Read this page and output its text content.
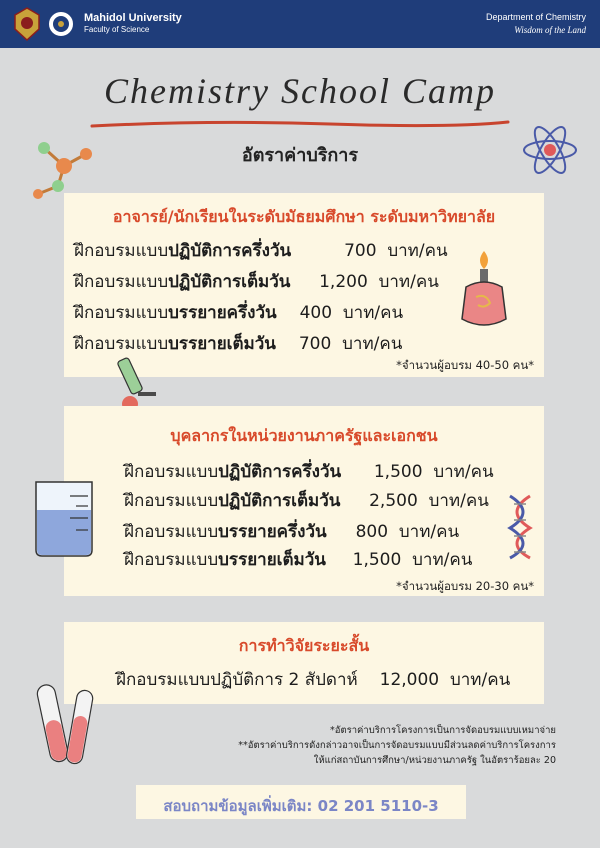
Mahidol University
Faculty of Science
Department of Chemistry
Wisdom of the Land
Chemistry School Camp
อัตราค่าบริการ
อาจารย์/นักเรียนในระดับมัธยมศึกษา ระดับมหาวิทยาลัย
ฝึกอบรมแบบปฏิบัติการครึ่งวัน	700 บาท/คน
ฝึกอบรมแบบปฏิบัติการเต็มวัน 1,200 บาท/คน
ฝึกอบรมแบบบรรยายครึ่งวัน 400 บาท/คน
ฝึกอบรมแบบบรรยายเต็มวัน 700 บาท/คน
*จำนวนผู้อบรม 40-50 คน*
บุคลากรในหน่วยงานภาครัฐและเอกชน
ฝึกอบรมแบบปฏิบัติการครึ่งวัน 1,500 บาท/คน
ฝึกอบรมแบบปฏิบัติการเต็มวัน 2,500 บาท/คน
ฝึกอบรมแบบบรรยายครึ่งวัน 800 บาท/คน
ฝึกอบรมแบบบรรยายเต็มวัน 1,500 บาท/คน
*จำนวนผู้อบรม 20-30 คน*
การทำวิจัยระยะสั้น
ฝึกอบรมแบบปฏิบัติการ 2 สัปดาห์ 12,000 บาท/คน
*อัตราค่าบริการโครงการเป็นการจัดอบรมแบบเหมาจ่าย
**อัตราค่าบริการดังกล่าวอาจเป็นการจัดอบรมแบบมีส่วนลดค่าบริการโครงการ
ให้แก่สถาบันการศึกษา/หน่วยงานภาครัฐ ในอัตราร้อยละ 20
สอบถามข้อมูลเพิ่มเติม: 02 201 5110-3
